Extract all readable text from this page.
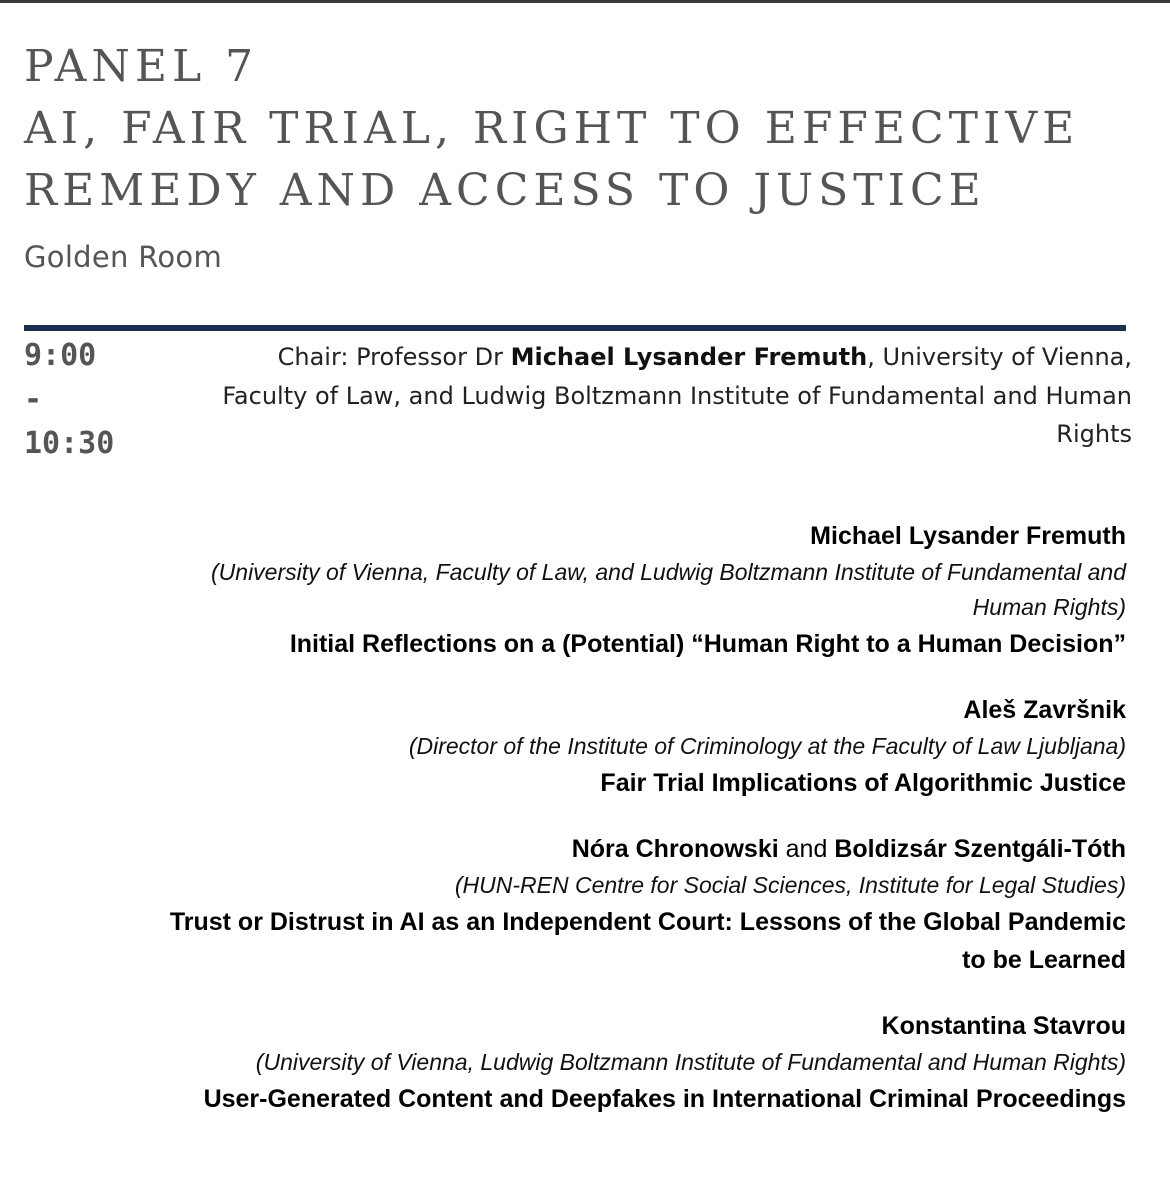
PANEL 7
AI, FAIR TRIAL, RIGHT TO EFFECTIVE
REMEDY AND ACCESS TO JUSTICE
Golden Room
9:00
-
10:30
Chair: Professor Dr Michael Lysander Fremuth, University of Vienna, Faculty of Law, and Ludwig Boltzmann Institute of Fundamental and Human Rights
Michael Lysander Fremuth
(University of Vienna, Faculty of Law, and Ludwig Boltzmann Institute of Fundamental and Human Rights)
Initial Reflections on a (Potential) “Human Right to a Human Decision”
Aleš Završnik
(Director of the Institute of Criminology at the Faculty of Law Ljubljana)
Fair Trial Implications of Algorithmic Justice
Nóra Chronowski and Boldizsár Szentgáli-Tóth
(HUN-REN Centre for Social Sciences, Institute for Legal Studies)
Trust or Distrust in AI as an Independent Court: Lessons of the Global Pandemic to be Learned
Konstantina Stavrou
(University of Vienna, Ludwig Boltzmann Institute of Fundamental and Human Rights)
User-Generated Content and Deepfakes in International Criminal Proceedings
